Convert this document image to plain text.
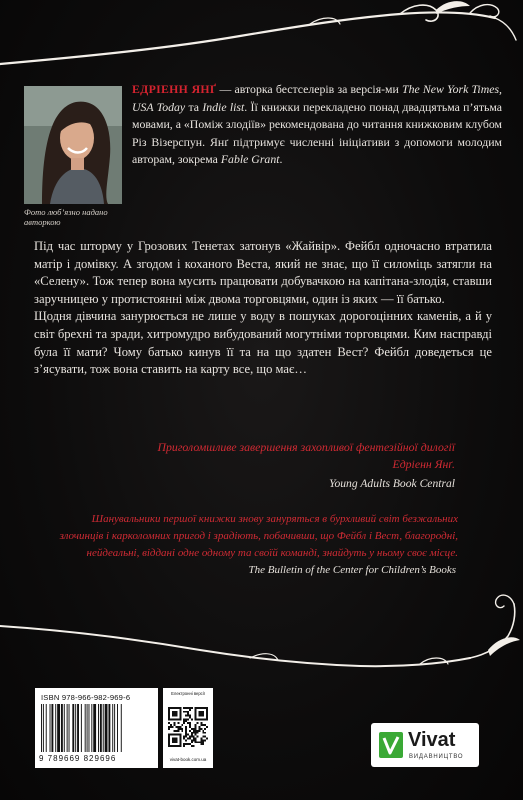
Фото люб’язно надано авторкою
ЕДРІЕНН ЯНҐ — авторка бестселерів за версія-ми The New York Times, USA Today та Indie list. Її книжки перекладено понад двадцятьма п’ятьма мовами, а «Поміж злодіїв» рекомендована до читання книжковим клубом Різ Візерспун. Янґ підтримує численні ініціативи з допомоги молодим авторам, зокрема Fable Grant.
Під час шторму у Грозових Тенетах затонув «Жайвір». Фейбл одночасно втратила матір і домівку. А згодом і коханого Веста, який не знає, що її силоміць затягли на «Селену». Тож тепер вона мусить працювати добувачкою на капітана-злодія, ставши заручницею у протистоянні між двома торговцями, один із яких — її батько.
Щодня дівчина занурюється не лише у воду в пошуках дорогоцінних каменів, а й у світ брехні та зради, хитромудро вибудований могутніми торговцями. Ким насправді була її мати? Чому батько кинув її та на що здатен Вест? Фейбл доведеться це з’ясувати, тож вона ставить на карту все, що має…
Приголомшливе завершення захопливої фентезійної дилогії Едріенн Янґ.
Young Adults Book Central
Шанувальники першої книжки знову зануряться в бурхливий світ безжальних злочинців і карколомних пригод і зрадіють, побачивши, що Фейбл і Вест, благородні, нейдеальні, віддані одне одному та своїй команді, знайдуть у ньому своє місце.
The Bulletin of the Center for Children’s Books
ISBN 978-966-982-969-6
9 789669 829696
Електронні версії
vivat-book.com.ua
Vivat
ВИДАВНИЦТВО
